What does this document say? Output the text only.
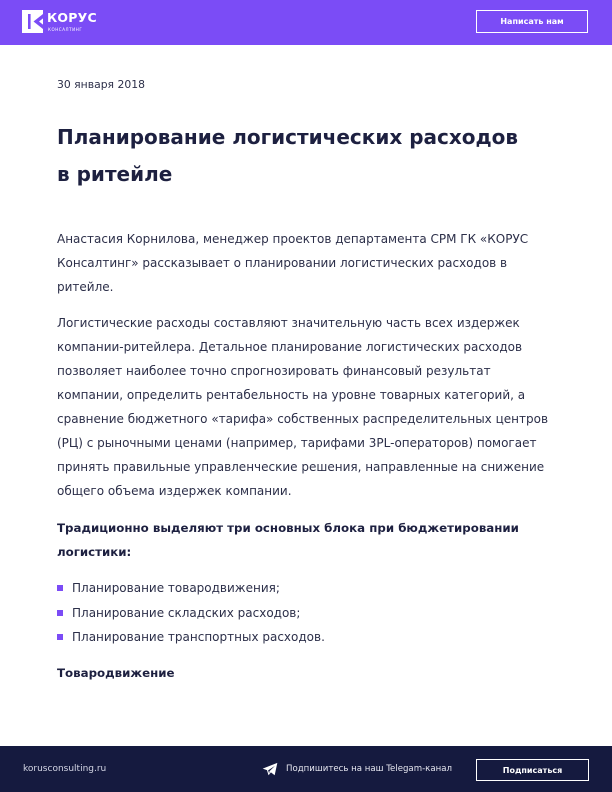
КОРУС
КОНСАЛТИНГ
Написать нам
30 января 2018
Планирование логистических расходов
в ритейле

Анастасия Корнилова, менеджер проектов департамента CPM ГК «КОРУС
Консалтинг» рассказывает о планировании логистических расходов в
ритейле.

Логистические расходы составляют значительную часть всех издержек
компании-ритейлера. Детальное планирование логистических расходов
позволяет наиболее точно спрогнозировать финансовый результат
компании, определить рентабельность на уровне товарных категорий, а
сравнение бюджетного «тарифа» собственных распределительных центров
(РЦ) с рыночными ценами (например, тарифами 3PL-операторов) помогает
принять правильные управленческие решения, направленные на снижение
общего объема издержек компании.

Традиционно выделяют три основных блока при бюджетировании
логистики:

Планирование товародвижения;
Планирование складских расходов;
Планирование транспортных расходов.
Товародвижение
korusconsulting.ru	Подпишитесь на наш Telegam-канал	Подписаться
